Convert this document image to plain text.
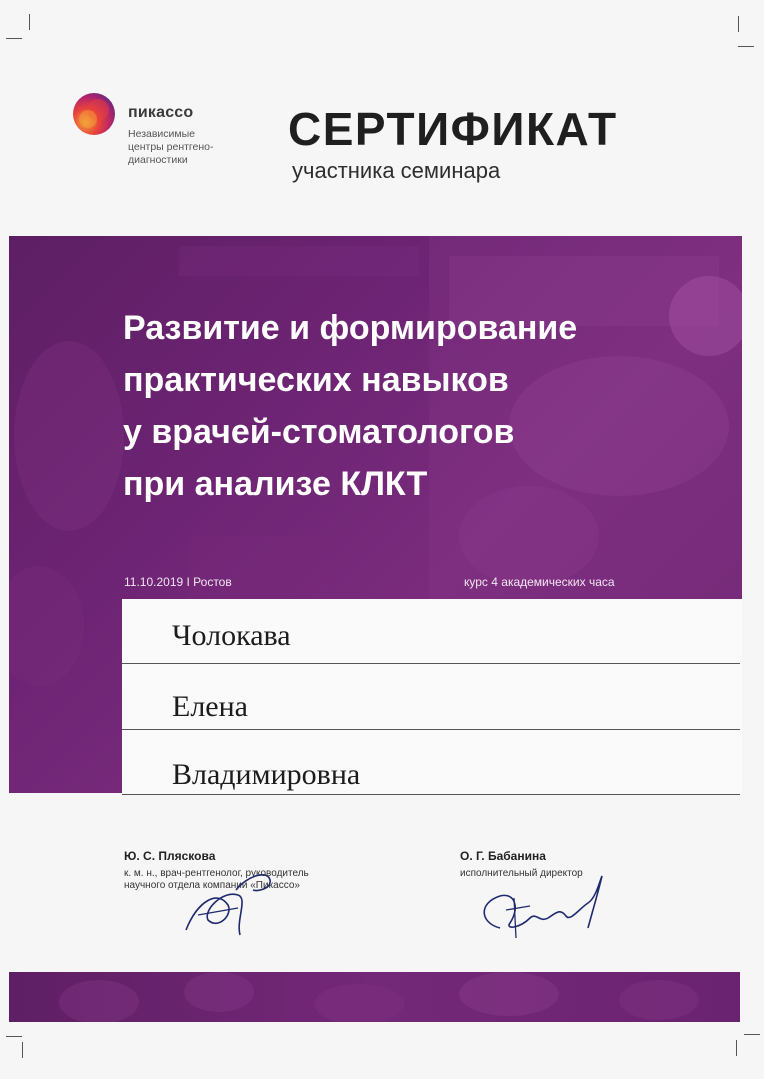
пикассо
Независимые
центры рентгено-
диагностики
СЕРТИФИКАТ
участника семинара
Развитие и формирование
практических навыков
у врачей-стоматологов
при анализе КЛКТ
11.10.2019 I Ростов	курс 4 академических часа
Чолокава
Елена
Владимировна
Ю. С. Пляскова
к. м. н., врач-рентгенолог, руководитель
научного отдела компании «Пикассо»
О. Г. Бабанина
исполнительный директор
